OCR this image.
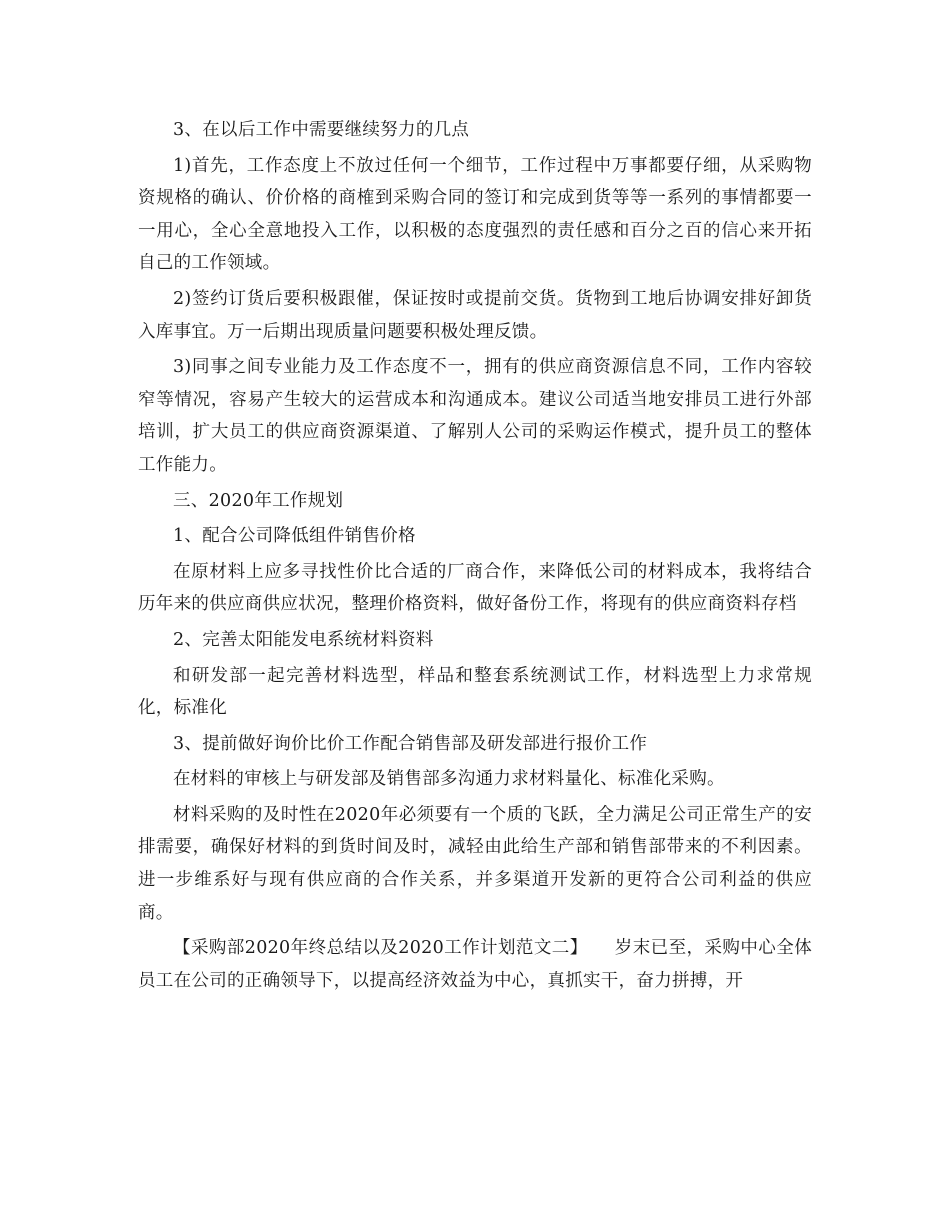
3、在以后工作中需要继续努力的几点

1)首先，工作态度上不放过任何一个细节，工作过程中万事都要仔细，从采购物资规格的确认、价价格的商榷到采购合同的签订和完成到货等等一系列的事情都要一一用心，全心全意地投入工作，以积极的态度强烈的责任感和百分之百的信心来开拓自己的工作领域。

2)签约订货后要积极跟催，保证按时或提前交货。货物到工地后协调安排好卸货入库事宜。万一后期出现质量问题要积极处理反馈。

3)同事之间专业能力及工作态度不一，拥有的供应商资源信息不同，工作内容较窄等情况，容易产生较大的运营成本和沟通成本。建议公司适当地安排员工进行外部培训，扩大员工的供应商资源渠道、了解别人公司的采购运作模式，提升员工的整体工作能力。

三、2020年工作规划

1、配合公司降低组件销售价格

在原材料上应多寻找性价比合适的厂商合作，来降低公司的材料成本，我将结合历年来的供应商供应状况，整理价格资料，做好备份工作，将现有的供应商资料存档

2、完善太阳能发电系统材料资料

和研发部一起完善材料选型，样品和整套系统测试工作，材料选型上力求常规化，标准化

3、提前做好询价比价工作配合销售部及研发部进行报价工作

在材料的审核上与研发部及销售部多沟通力求材料量化、标准化采购。

材料采购的及时性在2020年必须要有一个质的飞跃，全力满足公司正常生产的安排需要，确保好材料的到货时间及时，减轻由此给生产部和销售部带来的不利因素。进一步维系好与现有供应商的合作关系，并多渠道开发新的更符合公司利益的供应商。

【采购部2020年终总结以及2020工作计划范文二】　　岁末已至，采购中心全体员工在公司的正确领导下，以提高经济效益为中心，真抓实干，奋力拼搏，开
